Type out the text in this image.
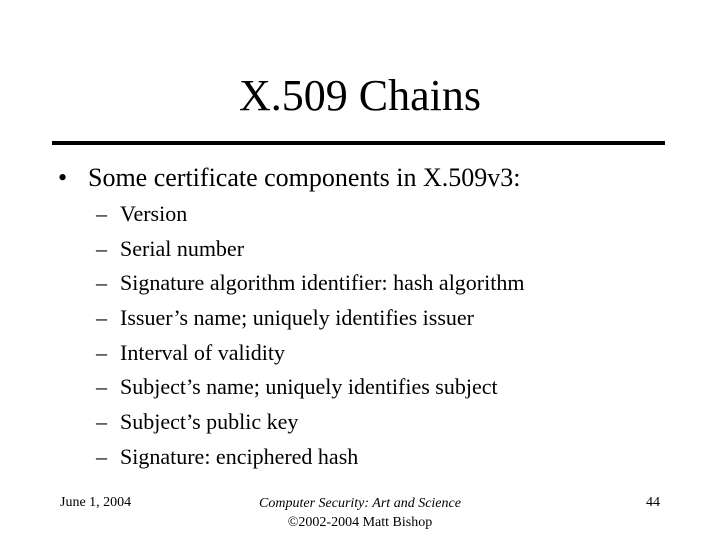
X.509 Chains
• Some certificate components in X.509v3:
– Version
– Serial number
– Signature algorithm identifier: hash algorithm
– Issuer’s name; uniquely identifies issuer
– Interval of validity
– Subject’s name; uniquely identifies subject
– Subject’s public key
– Signature: enciphered hash
June 1, 2004	Computer Security: Art and Science
©2002-2004 Matt Bishop
44
